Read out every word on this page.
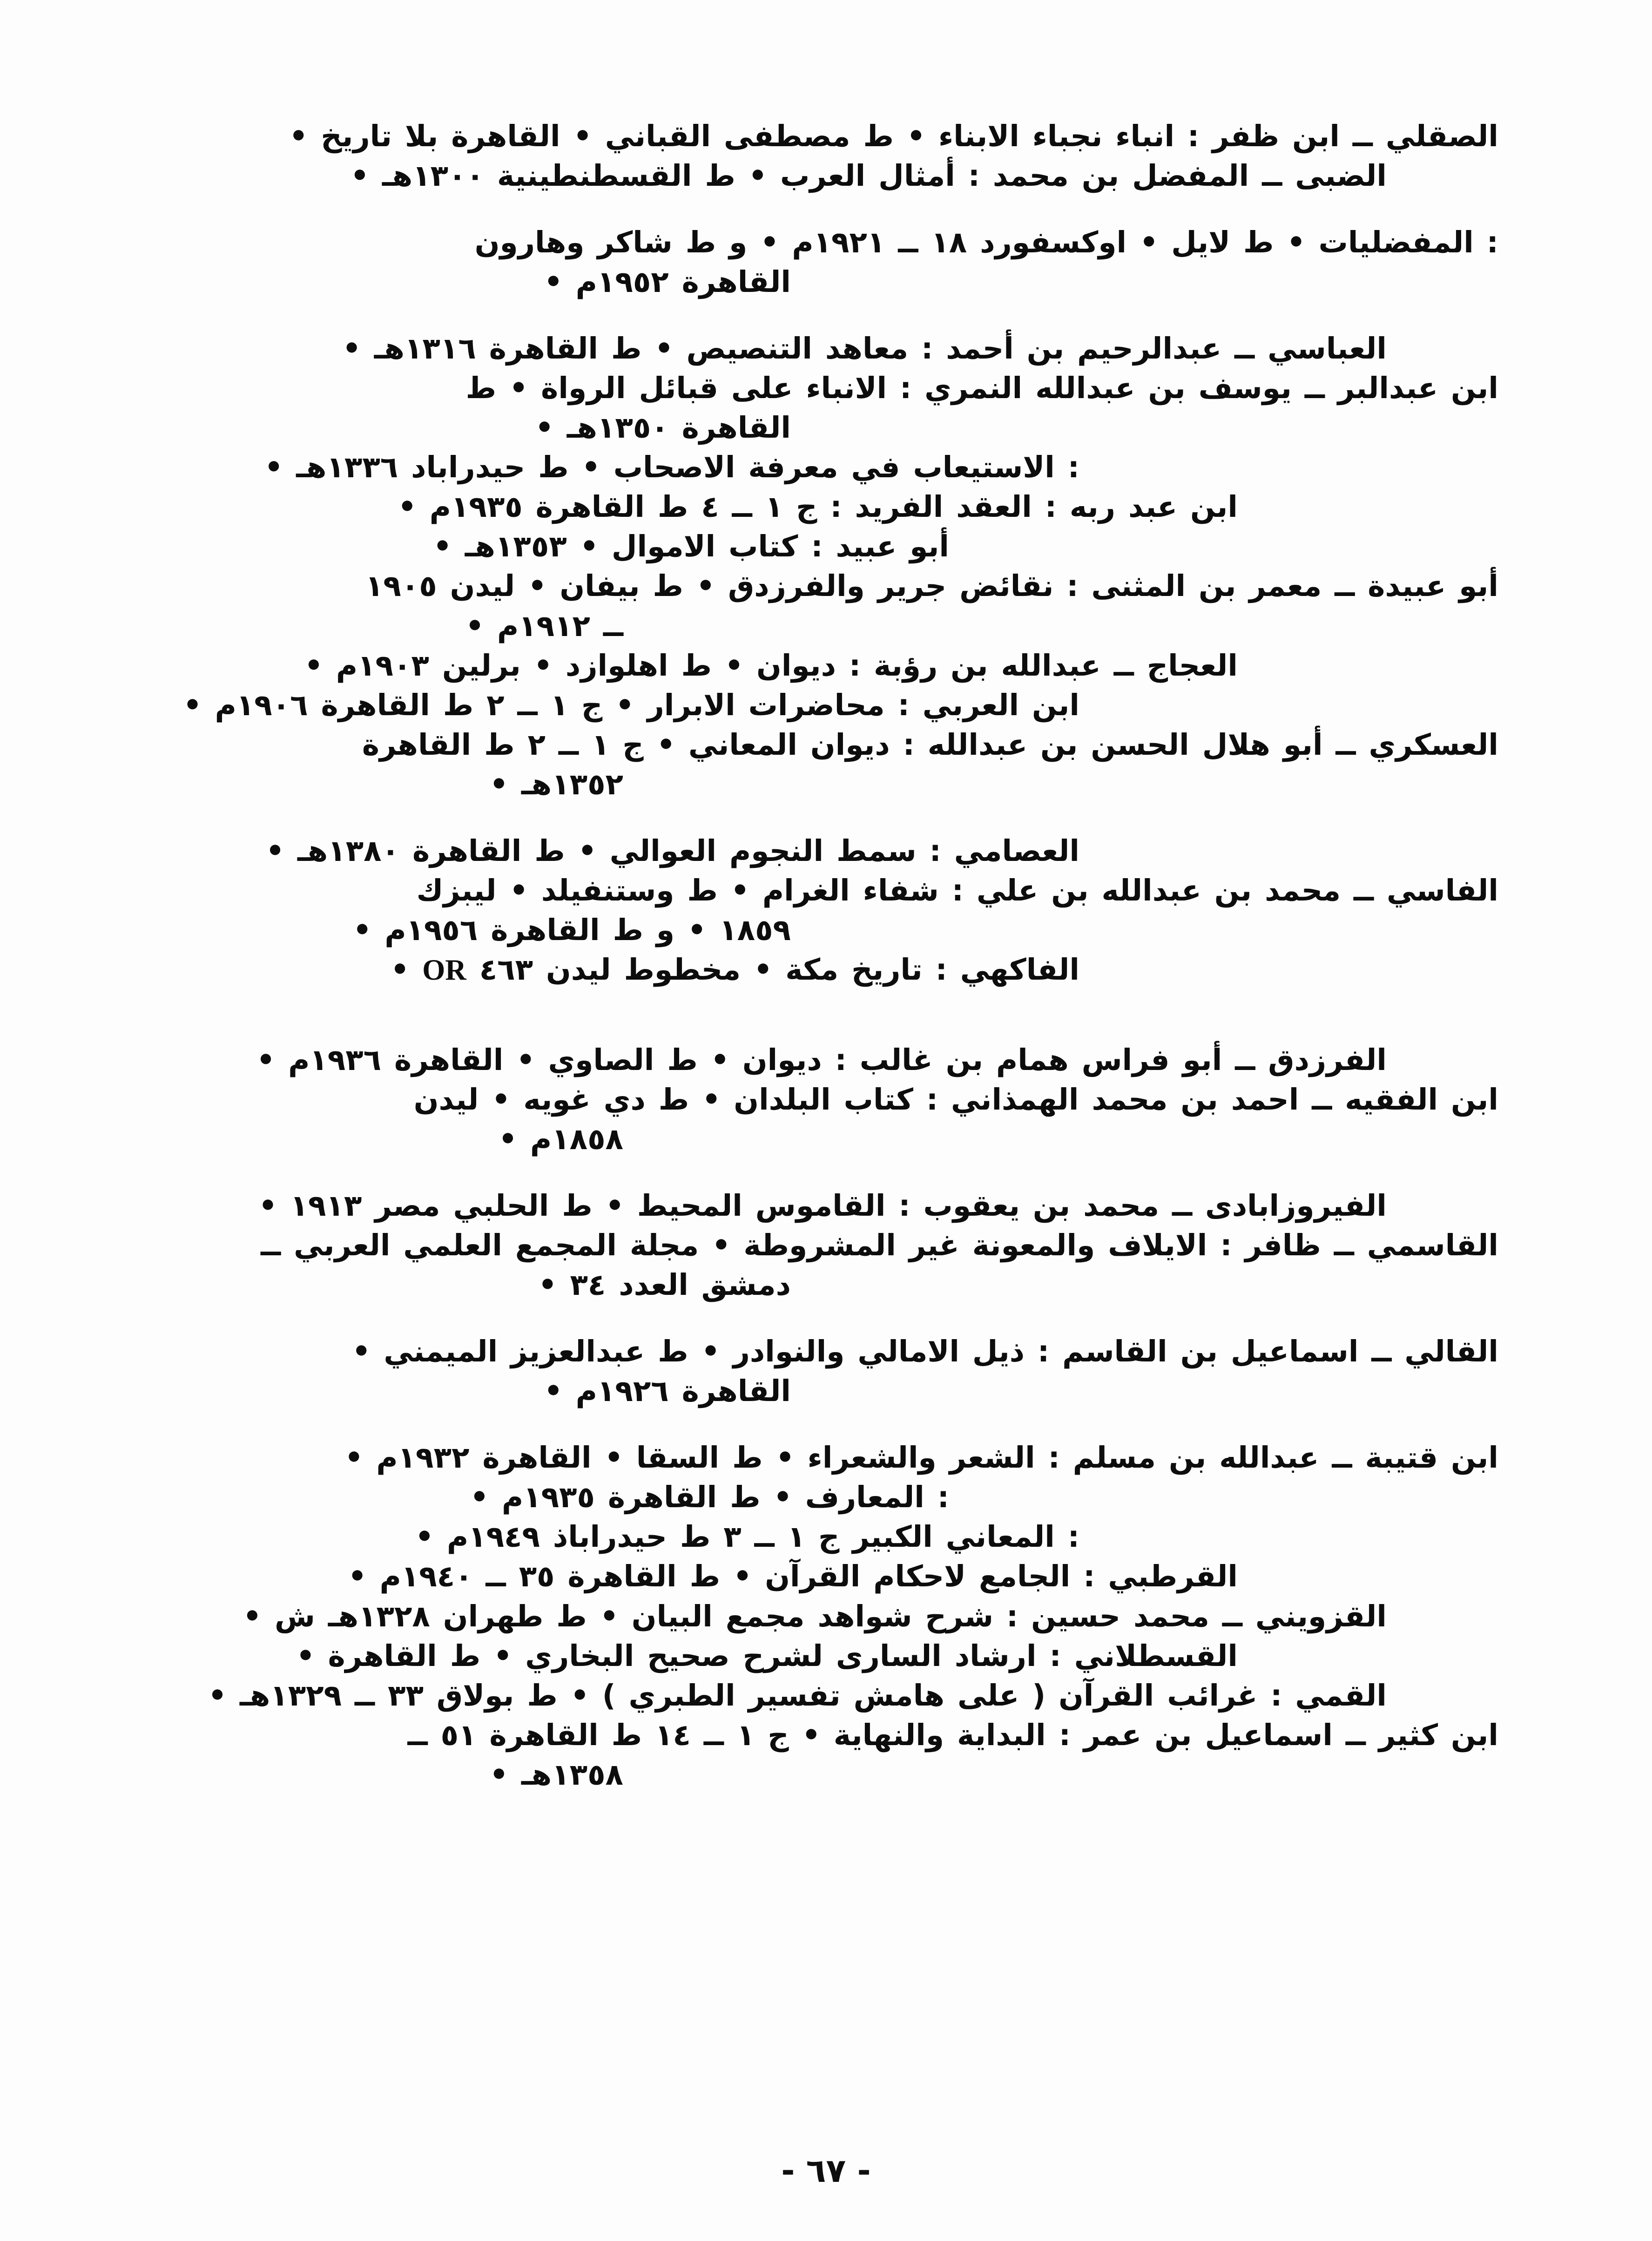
الصقلي ــ ابن ظفر : انباء نجباء الابناء • ط مصطفى القباني • القاهرة بلا تاريخ •

الضبى ــ المفضل بن محمد : أمثال العرب • ط القسطنطينية ١٣٠٠هـ •

: المفضليات • ط لايل • اوكسفورد ١٨ ــ ١٩٢١م • و ط شاكر وهارون

القاهرة ١٩٥٢م •

العباسي ــ عبدالرحيم بن أحمد : معاهد التنصيص • ط القاهرة ١٣١٦هـ •

ابن عبدالبر ــ يوسف بن عبدالله النمري : الانباء على قبائل الرواة • ط

القاهرة ١٣٥٠هـ •

: الاستيعاب في معرفة الاصحاب • ط حيدراباد ١٣٣٦هـ •

ابن عبد ربه : العقد الفريد : ج ١ ــ ٤ ط القاهرة ١٩٣٥م •

أبو عبيد : كتاب الاموال • ١٣٥٣هـ •

أبو عبيدة ــ معمر بن المثنى : نقائض جرير والفرزدق • ط بيفان • ليدن ١٩٠٥

ــ ١٩١٢م •

العجاج ــ عبدالله بن رؤبة : ديوان • ط اهلوازد • برلين ١٩٠٣م •

ابن العربي : محاضرات الابرار • ج ١ ــ ٢ ط القاهرة ١٩٠٦م •

العسكري ــ أبو هلال الحسن بن عبدالله : ديوان المعاني • ج ١ ــ ٢ ط القاهرة

١٣٥٢هـ •

العصامي : سمط النجوم العوالي • ط القاهرة ١٣٨٠هـ •

الفاسي ــ محمد بن عبدالله بن علي : شفاء الغرام • ط وستنفيلد • ليبزك

١٨٥٩ • و ط القاهرة ١٩٥٦م •

الفاكهي : تاريخ مكة • مخطوط ليدن ٤٦٣ OR •

الفرزدق ــ أبو فراس همام بن غالب : ديوان • ط الصاوي • القاهرة ١٩٣٦م •

ابن الفقيه ــ احمد بن محمد الهمذاني : كتاب البلدان • ط دي غويه • ليدن

١٨٥٨م •

الفيروزابادى ــ محمد بن يعقوب : القاموس المحيط • ط الحلبي مصر ١٩١٣ •

القاسمي ــ ظافر : الايلاف والمعونة غير المشروطة • مجلة المجمع العلمي العربي ــ

دمشق العدد ٣٤ •

القالي ــ اسماعيل بن القاسم : ذيل الامالي والنوادر • ط عبدالعزيز الميمني •

القاهرة ١٩٢٦م •

ابن قتيبة ــ عبدالله بن مسلم : الشعر والشعراء • ط السقا • القاهرة ١٩٣٢م •

: المعارف • ط القاهرة ١٩٣٥م •

: المعاني الكبير ج ١ ــ ٣ ط حيدراباذ ١٩٤٩م •

القرطبي : الجامع لاحكام القرآن • ط القاهرة ٣٥ ــ ١٩٤٠م •

القزويني ــ محمد حسين : شرح شواهد مجمع البيان • ط طهران ١٣٢٨هـ ش •

القسطلاني : ارشاد السارى لشرح صحيح البخاري • ط القاهرة •

القمي : غرائب القرآن ( على هامش تفسير الطبري ) • ط بولاق ٣٣ ــ ١٣٢٩هـ •

ابن كثير ــ اسماعيل بن عمر : البداية والنهاية • ج ١ ــ ١٤ ط القاهرة ٥١ ــ

١٣٥٨هـ •

‐ ٦٧ ‐
